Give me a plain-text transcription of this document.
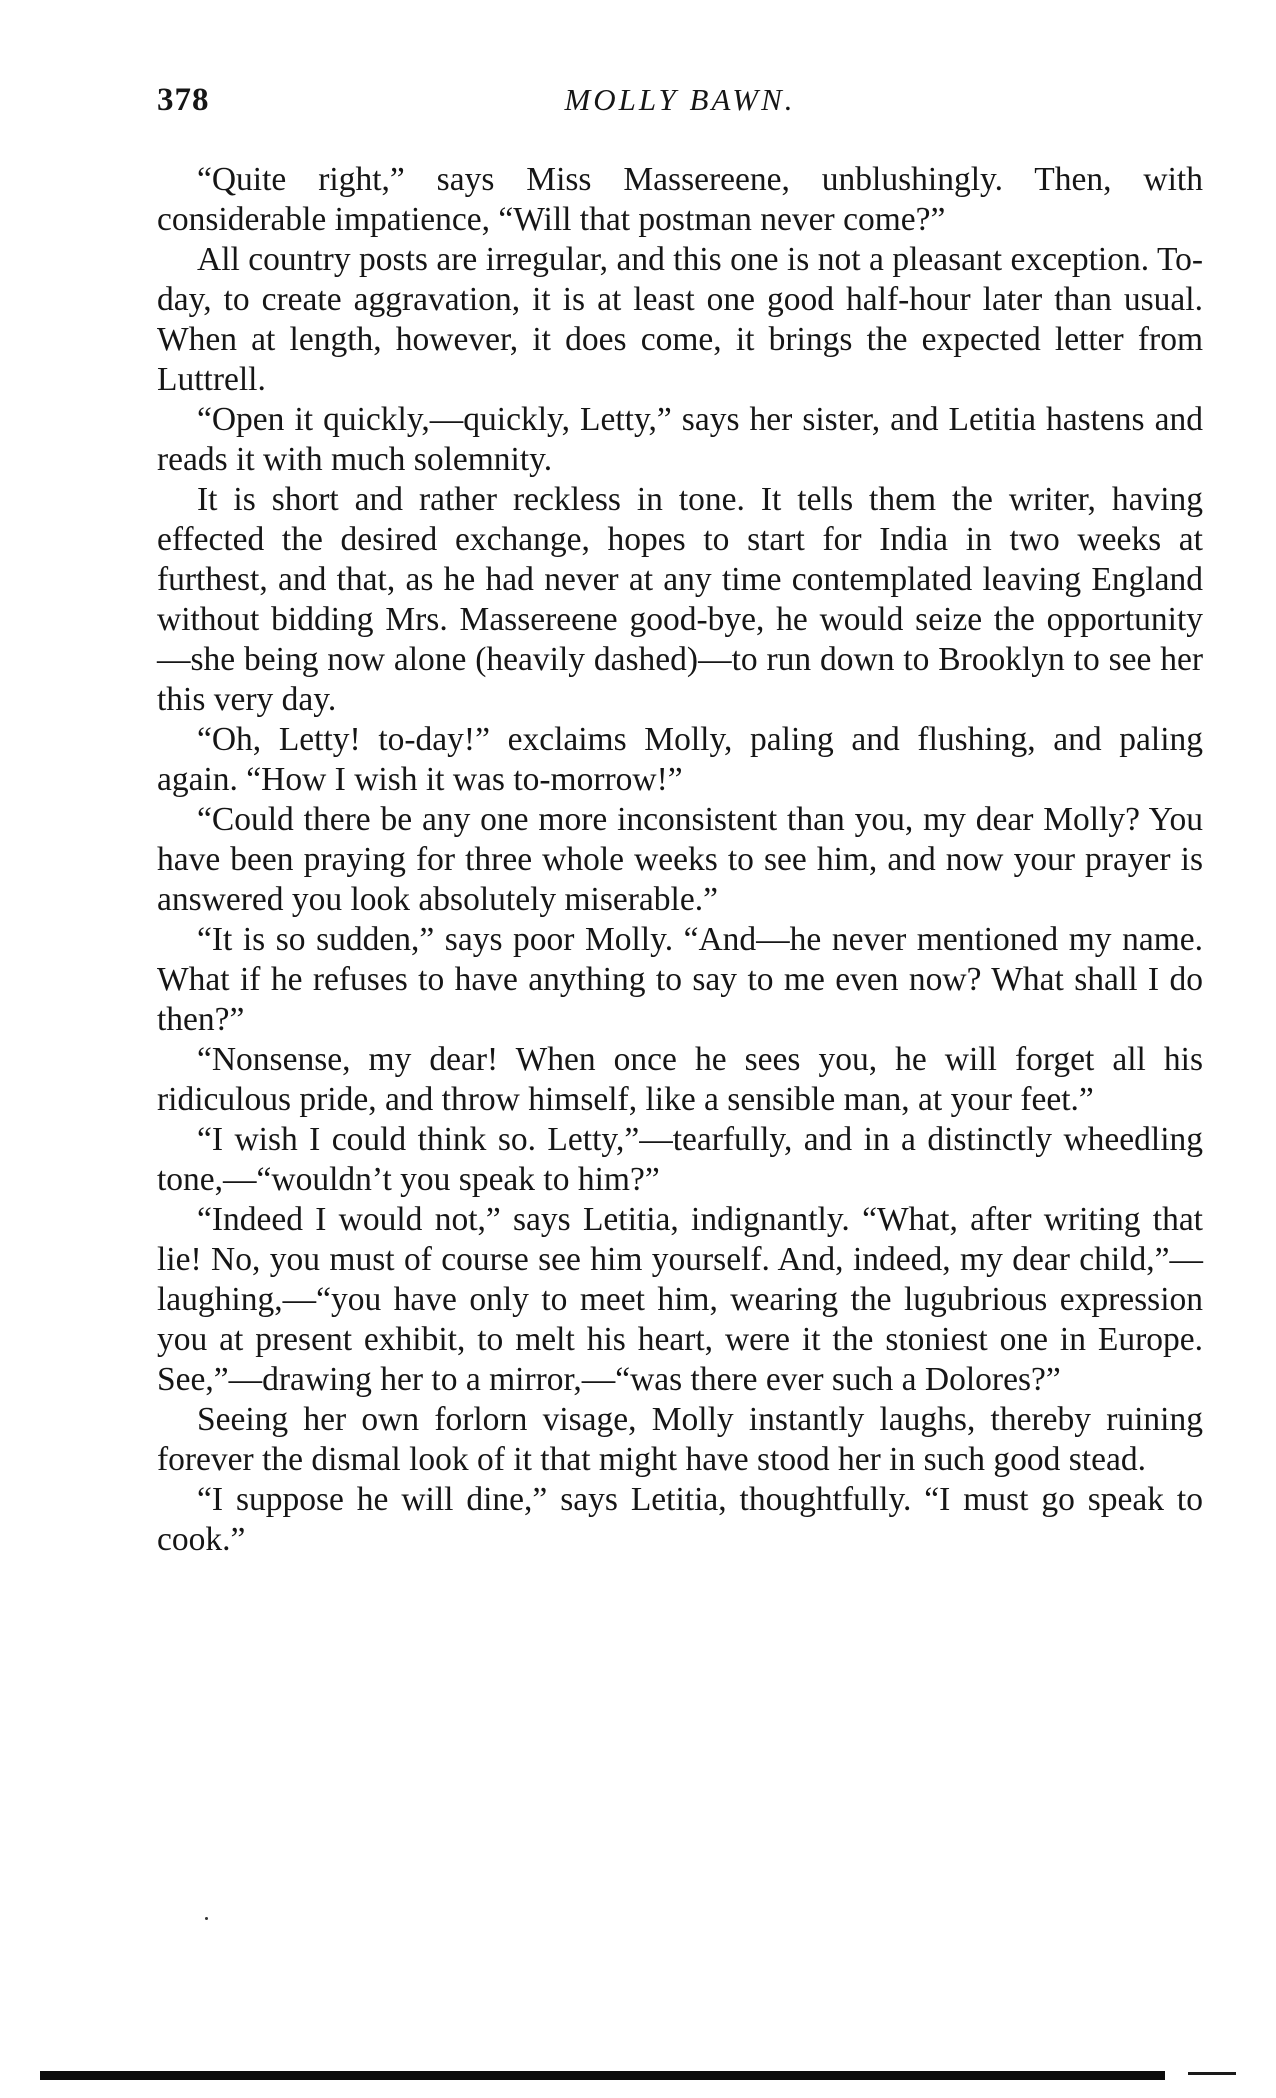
378	MOLLY BAWN.

“Quite right,” says Miss Massereene, unblushingly. Then, with considerable impatience, “Will that postman never come?”

All country posts are irregular, and this one is not a pleasant exception. To-day, to create aggravation, it is at least one good half-hour later than usual. When at length, however, it does come, it brings the expected letter from Luttrell.

“Open it quickly,—quickly, Letty,” says her sister, and Letitia hastens and reads it with much solemnity.

It is short and rather reckless in tone. It tells them the writer, having effected the desired exchange, hopes to start for India in two weeks at furthest, and that, as he had never at any time contemplated leaving England without bidding Mrs. Massereene good-bye, he would seize the opportunity—she being now alone (heavily dashed)—to run down to Brooklyn to see her this very day.

“Oh, Letty! to-day!” exclaims Molly, paling and flushing, and paling again. “How I wish it was to-morrow!”

“Could there be any one more inconsistent than you, my dear Molly? You have been praying for three whole weeks to see him, and now your prayer is answered you look absolutely miserable.”

“It is so sudden,” says poor Molly. “And—he never mentioned my name. What if he refuses to have anything to say to me even now? What shall I do then?”

“Nonsense, my dear! When once he sees you, he will forget all his ridiculous pride, and throw himself, like a sensible man, at your feet.”

“I wish I could think so. Letty,”—tearfully, and in a distinctly wheedling tone,—“wouldn’t you speak to him?”

“Indeed I would not,” says Letitia, indignantly. “What, after writing that lie! No, you must of course see him yourself. And, indeed, my dear child,”—laughing,—“you have only to meet him, wearing the lugubrious expression you at present exhibit, to melt his heart, were it the stoniest one in Europe. See,”—drawing her to a mirror,—“was there ever such a Dolores?”

Seeing her own forlorn visage, Molly instantly laughs, thereby ruining forever the dismal look of it that might have stood her in such good stead.

“I suppose he will dine,” says Letitia, thoughtfully. “I must go speak to cook.”
